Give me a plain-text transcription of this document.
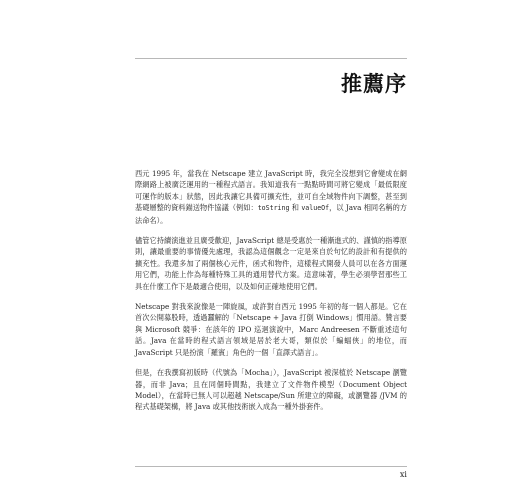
推薦序

西元 1995 年，當我在 Netscape 建立 JavaScript 時，我完全沒想到它會變成在網際網路上被廣泛運用的一種程式語言。我知道我有一點點時間可將它變成「最低限度可運作的版本」狀態，因此我讓它具備可擴充性，並可自全域物件向下調整，甚至到基礎層整的資料錨送物件協議（例如：toString 和 valueOf，以 Java 相同名稱的方法命名）。

儘管它持續演進並且廣受歡迎，JavaScript 總是受惠於一種漸進式的、謹慎的指導原則，讓最重要的事情優先處理，我認為這個觀念一定是來自於句忆的設計和有提供的擴充性。我還多加了兩個核心元件，函式和物件，這樣程式開發人員可以在各方面運用它們，功能上作為每種特殊工具的通用替代方案。這意味著，學生必須學習那些工具在什麼工作下是最適合使用，以及如何正確地使用它們。

Netscape 對我來說像是一陣旋風，或許對自西元 1995 年初的每一個人都是。它在首次公開募股時，透過蠶解的「Netscape + Java 打倒 Windows」慣用語。贊言要與 Microsoft 競爭：在該年的 IPO 巡迴演說中，Marc Andreesen 不斷重述這句話。Java 在當時的程式語言領域是居於老大哥，類似於「蝙蝠俠」的地位，而 JavaScript 只是扮演「羅賓」角色的一個「直譯式語言」。

但是，在我撰寫初版時（代號為「Mocha」），JavaScript 被深植於 Netscape 瀏覽器，而非 Java；且在同個時間點，我建立了文件物件模型（Document Object Model），在當時已無人可以超越 Netscape/Sun 所建立的障礙，或瀏覽器 /JVM 的程式基礎架構，將 Java 或其他技術嵌入成為一種外掛套件。

xi
